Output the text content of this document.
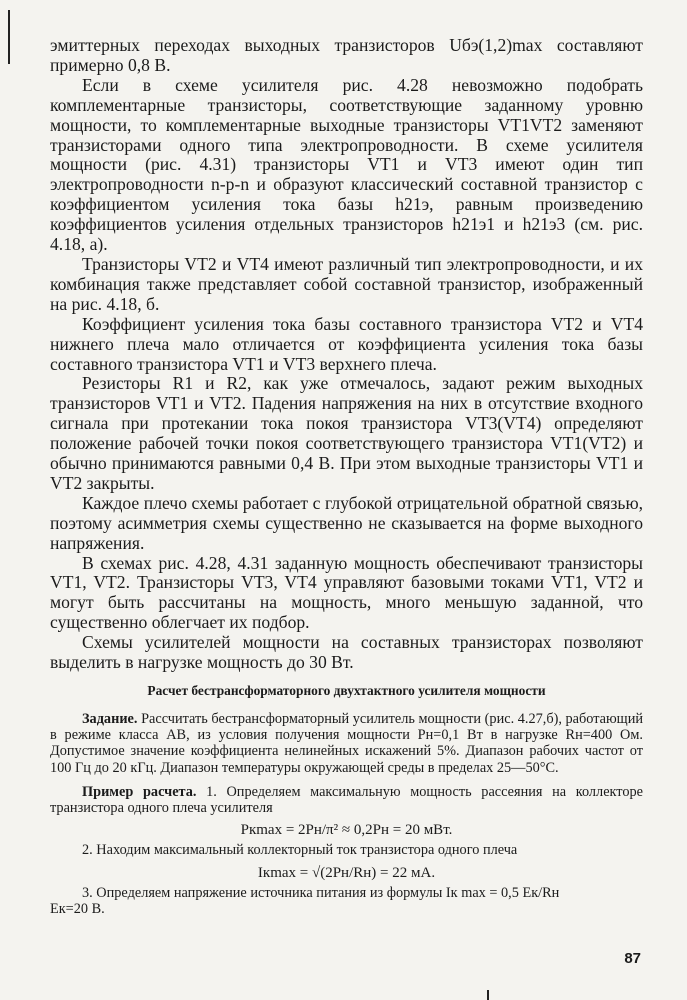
эмиттерных переходах выходных транзисторов Uбэ(1,2)max составляют примерно 0,8 В.

Если в схеме усилителя рис. 4.28 невозможно подобрать комплементарные транзисторы, соответствующие заданному уровню мощности, то комплементарные выходные транзисторы VT1VT2 заменяют транзисторами одного типа электропроводности. В схеме усилителя мощности (рис. 4.31) транзисторы VT1 и VT3 имеют один тип электропроводности n-p-n и образуют классический составной транзистор с коэффициентом усиления тока базы h21э, равным произведению коэффициентов усиления отдельных транзисторов h21э1 и h21э3 (см. рис. 4.18, а).

Транзисторы VT2 и VT4 имеют различный тип электропроводности, и их комбинация также представляет собой составной транзистор, изображенный на рис. 4.18, б.

Коэффициент усиления тока базы составного транзистора VT2 и VT4 нижнего плеча мало отличается от коэффициента усиления тока базы составного транзистора VT1 и VT3 верхнего плеча.

Резисторы R1 и R2, как уже отмечалось, задают режим выходных транзисторов VT1 и VT2. Падения напряжения на них в отсутствие входного сигнала при протекании тока покоя транзистора VT3(VT4) определяют положение рабочей точки покоя соответствующего транзистора VT1(VT2) и обычно принимаются равными 0,4 В. При этом выходные транзисторы VT1 и VT2 закрыты.

Каждое плечо схемы работает с глубокой отрицательной обратной связью, поэтому асимметрия схемы существенно не сказывается на форме выходного напряжения.

В схемах рис. 4.28, 4.31 заданную мощность обеспечивают транзисторы VT1, VT2. Транзисторы VT3, VT4 управляют базовыми токами VT1, VT2 и могут быть рассчитаны на мощность, много меньшую заданной, что существенно облегчает их подбор.

Схемы усилителей мощности на составных транзисторах позволяют выделить в нагрузке мощность до 30 Вт.

Расчет бестрансформаторного двухтактного усилителя мощности

Задание. Рассчитать бестрансформаторный усилитель мощности (рис. 4.27,б), работающий в режиме класса АВ, из условия получения мощности Pн=0,1 Вт в нагрузке Rн=400 Ом. Допустимое значение коэффициента нелинейных искажений 5%. Диапазон рабочих частот от 100 Гц до 20 кГц. Диапазон температуры окружающей среды в пределах 25—50°С.

Пример расчета. 1. Определяем максимальную мощность рассеяния на коллекторе транзистора одного плеча усилителя

Pкmax = 2Pн/π² ≈ 0,2Pн = 20 мВт.

2. Находим максимальный коллекторный ток транзистора одного плеча

Iкmax = √(2Pн/Rн) = 22 мА.

3. Определяем напряжение источника питания из формулы Iк max = 0,5 Eк/Rн

Eк=20 В.

87
